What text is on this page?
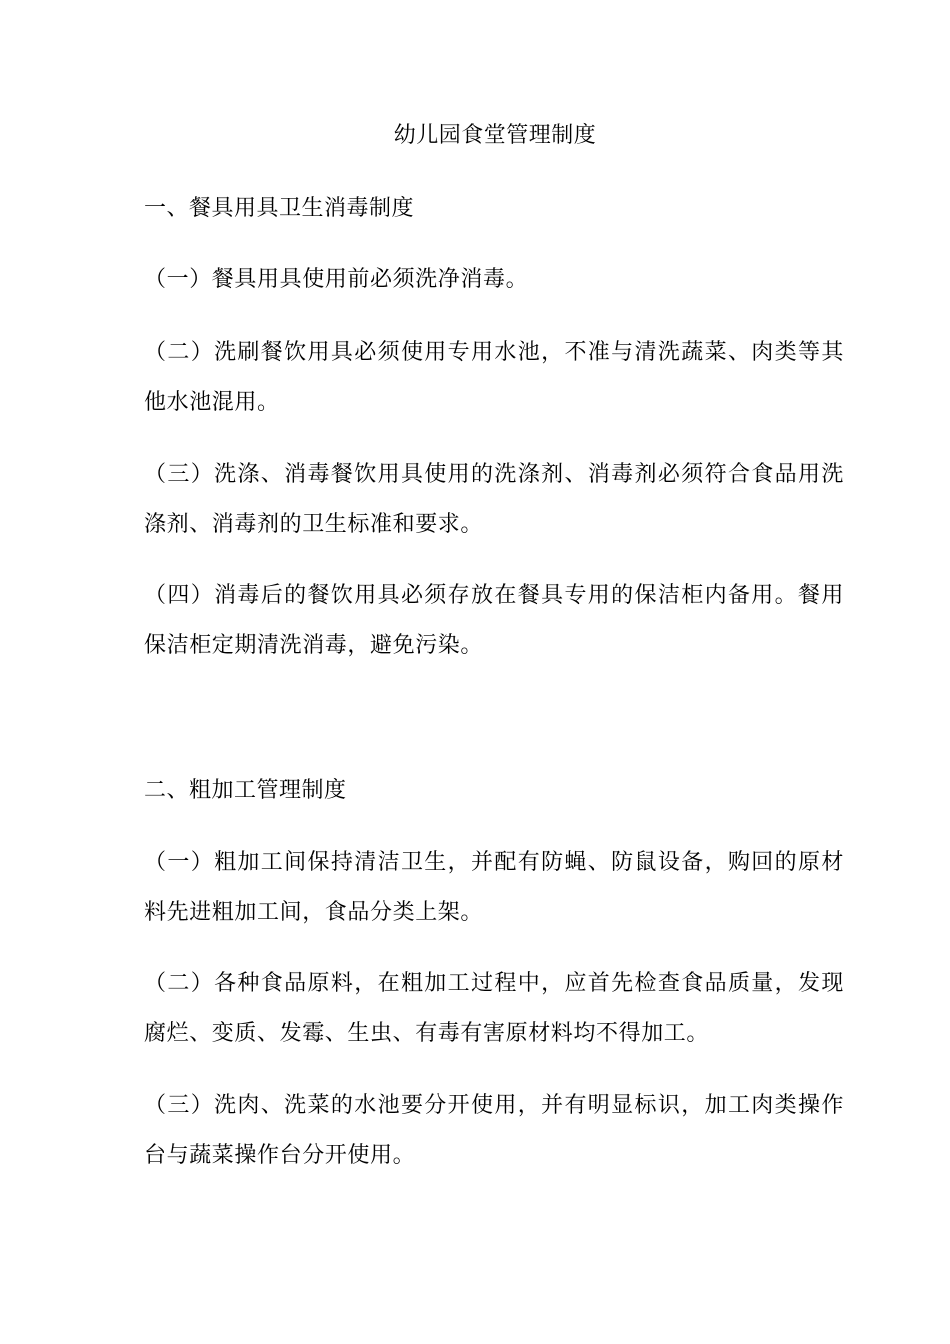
幼儿园食堂管理制度
一、餐具用具卫生消毒制度
（一）餐具用具使用前必须洗净消毒。
（二）洗刷餐饮用具必须使用专用水池，不准与清洗蔬菜、肉类等其他水池混用。
（三）洗涤、消毒餐饮用具使用的洗涤剂、消毒剂必须符合食品用洗涤剂、消毒剂的卫生标准和要求。
（四）消毒后的餐饮用具必须存放在餐具专用的保洁柜内备用。餐用保洁柜定期清洗消毒，避免污染。
二、粗加工管理制度
（一）粗加工间保持清洁卫生，并配有防蝇、防鼠设备，购回的原材料先进粗加工间，食品分类上架。
（二）各种食品原料，在粗加工过程中，应首先检查食品质量，发现腐烂、变质、发霉、生虫、有毒有害原材料均不得加工。
（三）洗肉、洗菜的水池要分开使用，并有明显标识，加工肉类操作台与蔬菜操作台分开使用。
